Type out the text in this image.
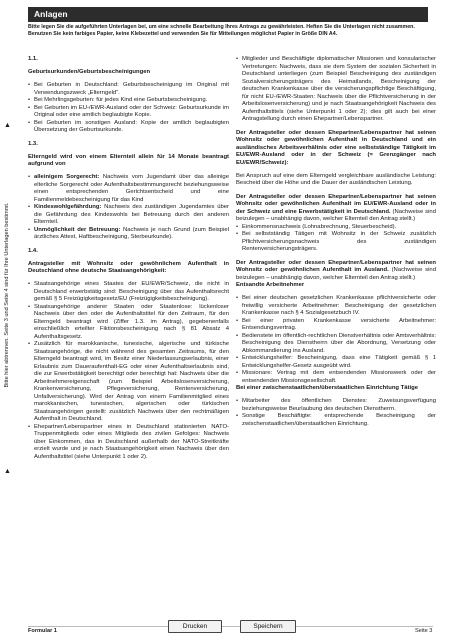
Anlagen
Bitte legen Sie die aufgeführten Unterlagen bei, um eine schnelle Bearbeitung Ihres Antrags zu gewährleisten. Heften Sie die Unterlagen nicht zusammen. Benutzen Sie kein farbiges Papier, keine Klebezettel und verwenden Sie für Mitteilungen möglichst Papier in Größe DIN A4.
▲
Bitte hier abtrennen. Seite 3 und Seite 4 sind für Ihre Unterlagen bestimmt.
▲

1.1.

Geburtsurkunden/Geburtsbescheinigungen

• Bei Geburten in Deutschland: Geburtsbescheinigung im Original mit Verwendungszweck „Elterngeld“.
• Bei Mehrlingsgeburten: für jedes Kind eine Geburtsbescheinigung.
• Bei Geburten im EU-/EWR-Ausland oder der Schweiz: Geburtsurkunde im Original oder eine amtlich beglaubigte Kopie.
• Bei Geburten im sonstigen Ausland: Kopie der amtlich beglaubigten Übersetzung der Geburtsurkunde.

1.3.

Elterngeld wird von einem Elternteil allein für 14 Monate beantragt aufgrund von

• alleinigem Sorgerecht: Nachweis vom Jugendamt über das alleinige elterliche Sorgerecht oder Aufenthaltsbestimmungsrecht beziehungsweise einen entsprechenden Gerichtsentscheid und eine Familienmeldebescheinigung für das Kind
• Kindeswohlgefährdung: Nachweis des zuständigen Jugendamtes über die Gefährdung des Kindeswohls bei Betreuung durch den anderen Elternteil.
• Unmöglichkeit der Betreuung: Nachweis je nach Grund (zum Beispiel ärztliches Attest, Haftbescheinigung, Sterbeurkunde).

1.4.

Antragsteller mit Wohnsitz oder gewöhnlichem Aufenthalt in Deutschland ohne deutsche Staatsangehörigkeit:

• Staatsangehörige eines Staates der EU/EWR/Schweiz, die nicht in Deutschland erwerbstätig sind: Bescheinigung über das Aufenthaltsrecht gemäß § 5 Freizügigkeitsgesetz/EU (Freizügigkeitsbescheinigung).
• Staatsangehörige anderer Staaten oder Staatenlose: lückenloser Nachweis über den oder die Aufenthaltstitel für den Zeitraum, für den Elterngeld beantragt wird (Ziffer 1.3. im Antrag), gegebenenfalls einschließlich erteilter Fiktionsbescheinigung nach § 81 Absatz 4 Aufenthaltsgesetz.
• Zusätzlich für marokkanische, tunesische, algerische und türkische Staatsangehörige, die nicht während des gesamten Zeitraums, für den Elterngeld beantragt wird, im Besitz einer Niederlassungserlaubnis, einer Erlaubnis zum Daueraufenthalt-EG oder einer Aufenthaltserlaubnis sind, die zur Erwerbstätigkeit berechtigt oder berechtigt hat: Nachweis über die Arbeitnehmereigenschaft (zum Beispiel Arbeitslosenversicherung, Krankenversicherung, Pflegeversicherung, Rentenversicherung, Unfallversicherung). Wird der Antrag von einem Familienmitglied eines marokkanischen, tunesischen, algerischen oder türkischen Staatsangehörigen gestellt: zusätzlich Nachweis über den rechtmäßigen Aufenthalt in Deutschland.
• Ehepartner/Lebenspartner eines in Deutschland stationierten NATO-Truppenmitglieds oder eines Mitglieds des zivilen Gefolges: Nachweis über Einkommen, das in Deutschland außerhalb der NATO-Streitkräfte erzielt wurde und je nach Staatsangehörigkeit einen Nachweis über den Aufenthaltstitel (siehe Unterpunkt 1 oder 2).
• Mitglieder und Beschäftigte diplomatischer Missionen und konsularischer Vertretungen: Nachweis, dass sie dem System der sozialen Sicherheit in Deutschland unterliegen (zum Beispiel Bescheinigung des zuständigen Sozialversicherungsträgers des Heimatlands, Bescheinigung der deutschen Krankenkasse über die versicherungspflichtige Beschäftigung, für nicht EU-/EWR-Staaten: Nachweis über die Pflichtversicherung in der Arbeitslosenversicherung) und je nach Staatsangehörigkeit Nachweis des Aufenthaltstitels (siehe Unterpunkt 1 oder 2); dies gilt auch bei einer Antragstellung durch einen Ehepartner/Lebenspartner.

Der Antragsteller oder dessen Ehepartner/Lebenspartner hat seinen Wohnsitz oder gewöhnlichen Aufenthalt in Deutschland und ein ausländisches Arbeitsverhältnis oder eine selbstständige Tätigkeit im EU/EWR-Ausland oder in der Schweiz (= Grenzgänger nach EU/EWR/Schweiz):

Bei Anspruch auf eine dem Elterngeld vergleichbare ausländische Leistung: Bescheid über die Höhe und die Dauer der ausländischen Leistung.

Der Antragsteller oder dessen Ehepartner/Lebenspartner hat seinen Wohnsitz oder gewöhnlichen Aufenthalt im EU/EWR-Ausland oder in der Schweiz und eine Erwerbstätigkeit in Deutschland. (Nachweise sind beizulegen – unabhängig davon, welcher Elternteil den Antrag stellt.)

• Einkommensnachweis (Lohnabrechnung, Steuerbescheid).
• Bei selbstständig Tätigen mit Wohnsitz in der Schweiz zusätzlich Pflichtversicherungsnachweis des zuständigen Rentenversicherungsträgers.

Der Antragsteller oder dessen Ehepartner/Lebenspartner hat seinen Wohnsitz oder gewöhnlichen Aufenthalt im Ausland. (Nachweise sind beizulegen – unabhängig davon, welcher Elternteil den Antrag stellt.)

Entsandte Arbeitnehmer

• Bei einer deutschen gesetzlichen Krankenkasse pflichtversicherte oder freiwillig versicherte Arbeitnehmer: Bescheinigung der gesetzlichen Krankenkasse nach § 4 Sozialgesetzbuch IV.
• Bei einer privaten Krankenkasse versicherte Arbeitnehmer: Entsendungsvertrag.
• Bedienstete im öffentlich-rechtlichen Dienstverhältnis oder Amtsverhältnis: Bescheinigung des Dienstherrn über die Abordnung, Versetzung oder Abkommandierung ins Ausland.
• Entwicklungshelfer: Bescheinigung, dass eine Tätigkeit gemäß § 1 Entwicklungshelfer-Gesetz ausgeübt wird.
• Missionare: Vertrag mit dem entsendenden Missionswerk oder der entsendenden Missionsgesellschaft.

Bei einer zwischenstaatlichen/überstaatlichen Einrichtung Tätige

• Mitarbeiter des öffentlichen Dienstes: Zuweisungsverfügung beziehungsweise Beurlaubung des deutschen Dienstherrn.
• Sonstige Beschäftigte: entsprechende Bescheinigung der zwischenstaatlichen/überstaatlichen Einrichtung.
Formular 1
Drucken	Speichern
Seite 3
